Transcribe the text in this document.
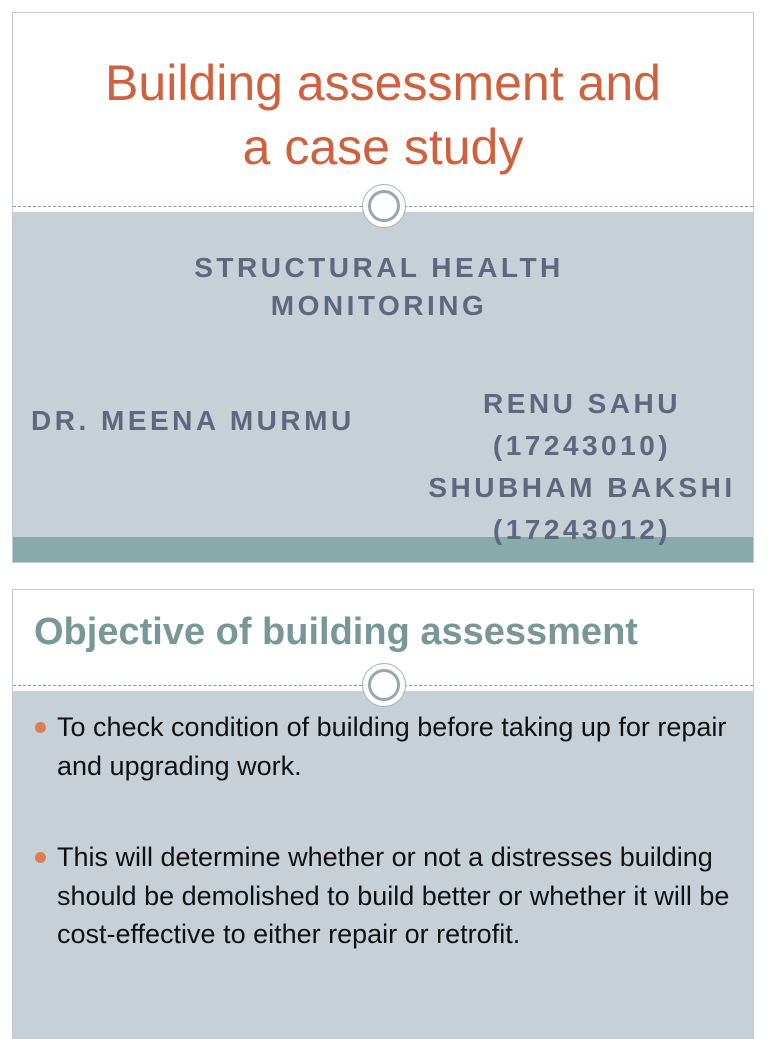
Building assessment and
a case study

STRUCTURAL HEALTH
MONITORING

DR. MEENA MURMU

RENU SAHU
(17243010)
SHUBHAM BAKSHI
(17243012)

Objective of building assessment
To check condition of building before taking up for repair and upgrading work.
This will determine whether or not a distresses building should be demolished to build better or whether it will be cost-effective to either repair or retrofit.
